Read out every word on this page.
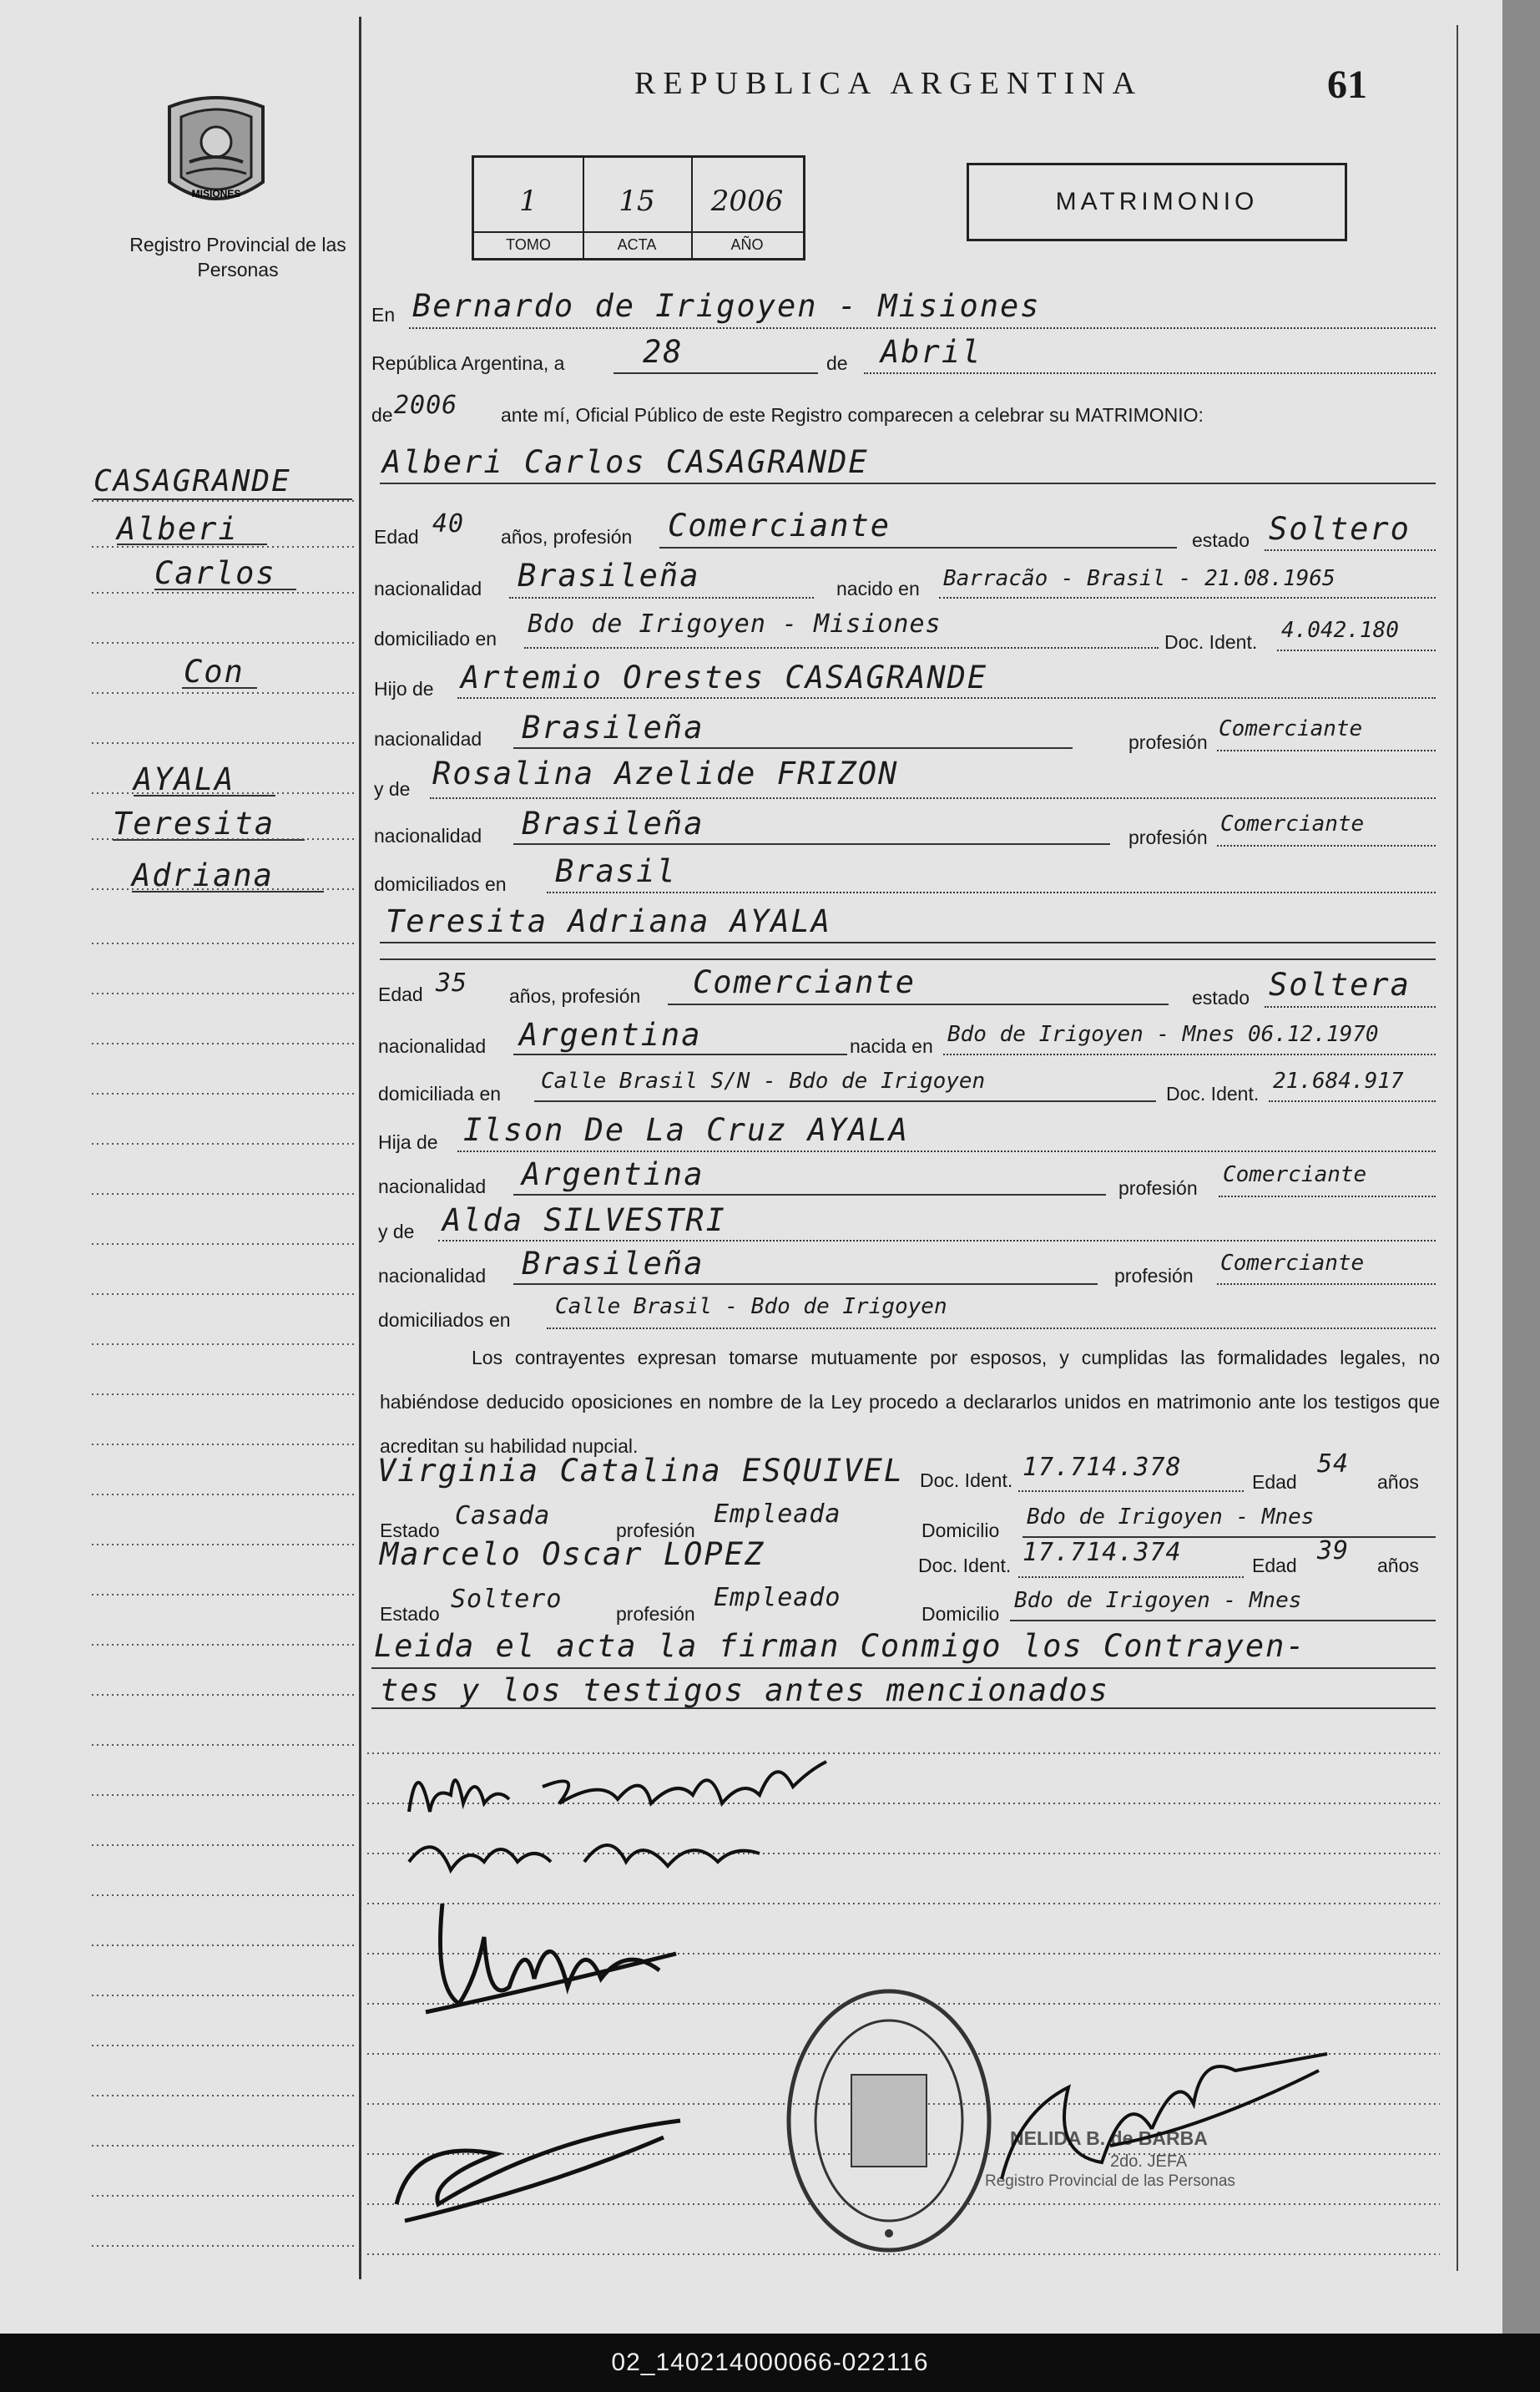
REPUBLICA ARGENTINA	61
MISIONES
Registro Provincial de las Personas
CASAGRANDE
Alberi
Carlos
Con
AYALA
Teresita
Adriana
1
TOMO
15
ACTA
2006
AÑO
MATRIMONIO
En Bernardo de Irigoyen - Misiones
República Argentina, a	28	de Abril
de 2006 ante mí, Oficial Público de este Registro comparecen a celebrar su MATRIMONIO:
Alberi Carlos CASAGRANDE
Edad 40 años, profesión Comerciante	estado Soltero
nacionalidad Brasileña	nacido en Barracão - Brasil - 21.08.1965
domiciliado en Bdo de Irigoyen - Misiones
Doc. Ident. 4.042.180
Hijo de Artemio Orestes CASAGRANDE
nacionalidad Brasileña	profesión
Comerciante
y de Rosalina Azelide FRIZON
nacionalidad Brasileña	profesión
Comerciante
domiciliados en Brasil
Teresita Adriana AYALA
Edad 35 años, profesión Comerciante	estado Soltera
nacionalidad Argentina	nacida en Bdo de Irigoyen - Mnes 06.12.1970
domiciliada en Calle Brasil S/N - Bdo de Irigoyen	Doc. Ident. 21.684.917
Hija de Ilson De La Cruz AYALA
nacionalidad Argentina	profesión
Comerciante
y de Alda SILVESTRI
nacionalidad Brasileña	profesión Comerciante
domiciliados en
Calle Brasil - Bdo de Irigoyen
Los contrayentes expresan tomarse mutuamente por esposos, y cumplidas las formalidades legales, no habiéndose deducido oposiciones en nombre de la Ley procedo a declararlos unidos en matrimonio ante los testigos que acreditan su habilidad nupcial.
Virginia Catalina ESQUIVEL Doc. Ident. 17.714.378	Edad
54
años
Estado Casada	profesión
Empleada
Domicilio
Bdo de Irigoyen - Mnes
Marcelo Oscar LOPEZ	Doc. Ident. 17.714.374	Edad 39 años
Estado Soltero	profesión
Empleado
Domicilio
Bdo de Irigoyen - Mnes
Leida el acta la firman Conmigo los Contrayen-
tes y los testigos antes mencionados
NELIDA B. de BARBA
2do. JEFA
Registro Provincial de las Personas
02_140214000066-022116
